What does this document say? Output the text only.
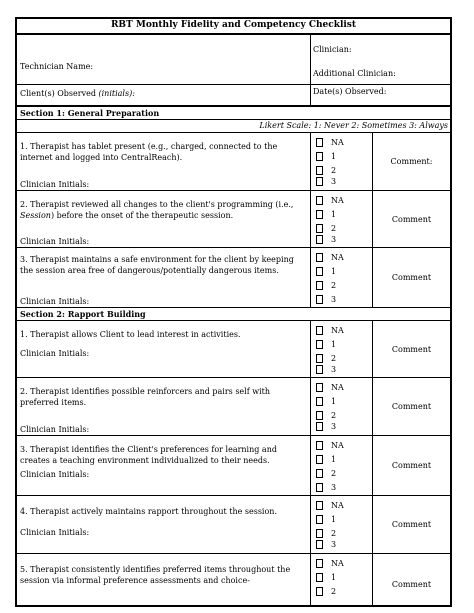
RBT Monthly Fidelity and Competency Checklist
Technician Name:
Clinician:
Additional Clinician:
Client(s) Observed (initials):	Date(s) Observed:
Section 1: General Preparation
Likert Scale: 1: Never 2: Sometimes 3: Always
1. Therapist has tablet present (e.g., charged, connected to the internet and logged into CentralReach).
Clinician Initials:
NA
1
2
3
Comment:
2. Therapist reviewed all changes to the client's programming (i.e., Session) before the onset of the therapeutic session.
Clinician Initials:
NA
1
2
3
Comment
3. Therapist maintains a safe environment for the client by keeping the session area free of dangerous/potentially dangerous items.
Clinician Initials:
NA
1
2
3
Comment
Section 2: Rapport Building
1. Therapist allows Client to lead interest in activities.
Clinician Initials:
NA
1
2
3
Comment
2. Therapist identifies possible reinforcers and pairs self with preferred items.
Clinician Initials:
NA
1
2
3
Comment
3. Therapist identifies the Client's preferences for learning and creates a teaching environment individualized to their needs.
Clinician Initials:
NA
1
2
3
Comment
4. Therapist actively maintains rapport throughout the session.
Clinician Initials:
NA
1
2
3
Comment
5. Therapist consistently identifies preferred items throughout the session via informal preference assessments and choice-
NA
1
2
Comment
